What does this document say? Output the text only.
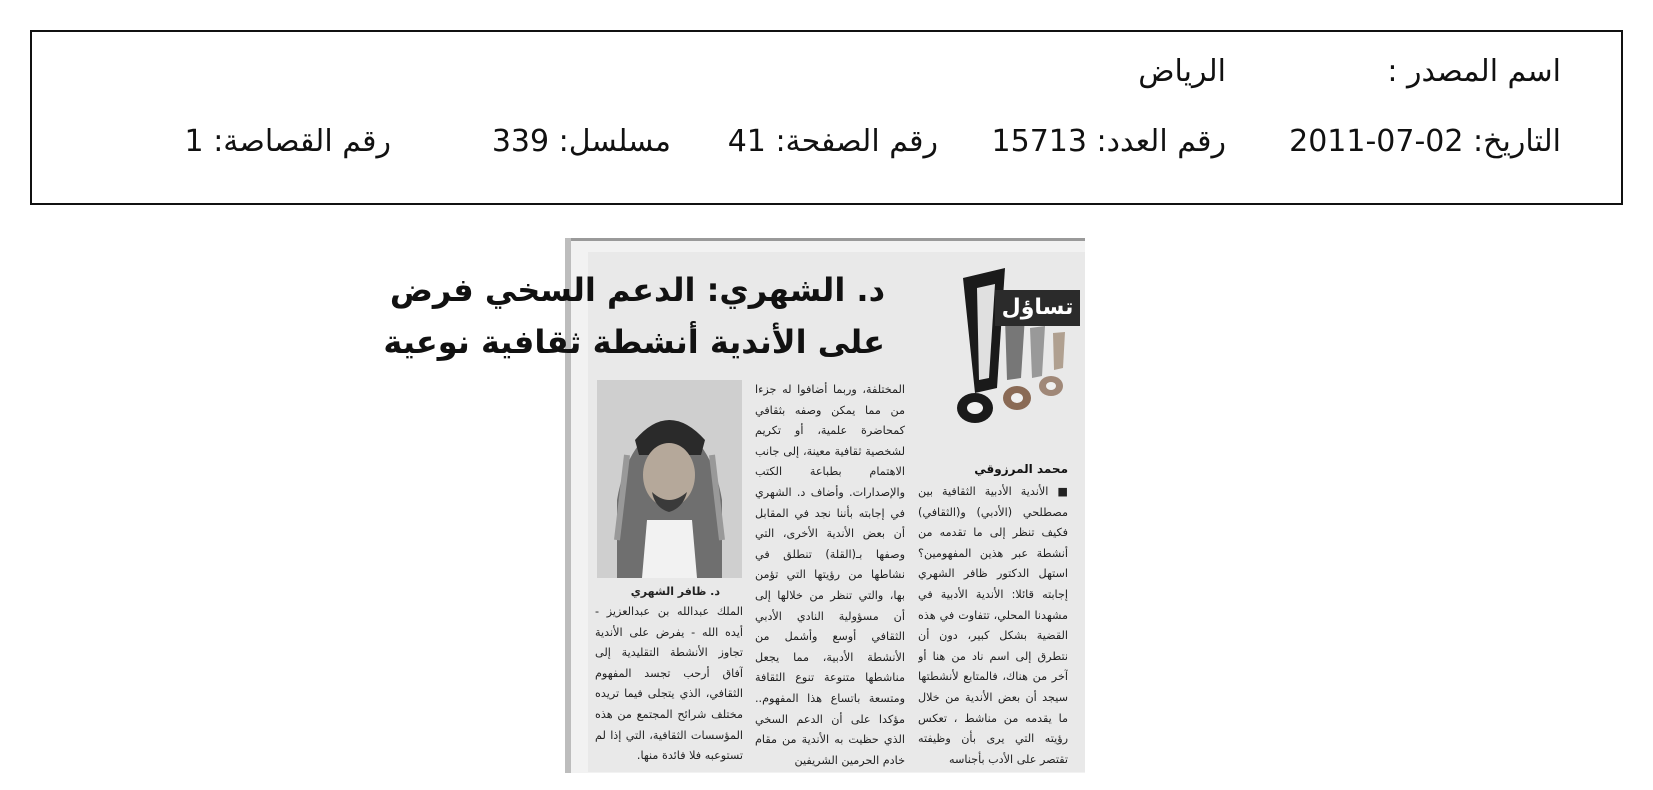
اسم المصدر :
الرياض
التاريخ: 2011-07-02
رقم العدد: 15713
رقم الصفحة: 41
مسلسل: 339
رقم القصاصة: 1
تساؤل
د. الشهري: الدعم السخي فرض
على الأندية أنشطة ثقافية نوعية
د. ظافر الشهري
محمد المرزوقي
■ الأندية الأدبية الثقافية بين مصطلحي (الأدبي) و(الثقافي) فكيف تنظر إلى ما تقدمه من أنشطة عبر هذين المفهومين؟ استهل الدكتور ظافر الشهري إجابته قائلا: الأندية الأدبية في مشهدنا المحلي، تتفاوت في هذه القضية بشكل كبير، دون أن نتطرق إلى اسم ناد من هنا أو آخر من هناك، فالمتابع لأنشطتها سيجد أن بعض الأندية من خلال ما يقدمه من مناشط ، تعكس رؤيته التي يرى بأن وظيفته تقتصر على الأدب بأجناسه
المختلفة، وربما أضافوا له جزءا من مما يمكن وصفه بثقافي كمحاضرة علمية، أو تكريم لشخصية ثقافية معينة، إلى جانب الاهتمام بطباعة الكتب والإصدارات. وأضاف د. الشهري في إجابته بأننا نجد في المقابل أن بعض الأندية الأخرى، التي وصفها بـ(القلة) تنطلق في نشاطها من رؤيتها التي تؤمن بها، والتي تنظر من خلالها إلى أن مسؤولية النادي الأدبي الثقافي أوسع وأشمل من الأنشطة الأدبية، مما يجعل مناشطها متنوعة تنوع الثقافة ومتسعة باتساع هذا المفهوم.. مؤكدا على أن الدعم السخي الذي حظيت به الأندية من مقام خادم الحرمين الشريفين
الملك عبدالله بن عبدالعزيز - أيده الله - يفرض على الأندية تجاوز الأنشطة التقليدية إلى آفاق أرحب تجسد المفهوم الثقافي، الذي يتجلى فيما تريده مختلف شرائح المجتمع من هذه المؤسسات الثقافية، التي إذا لم تستوعبه فلا فائدة منها.
